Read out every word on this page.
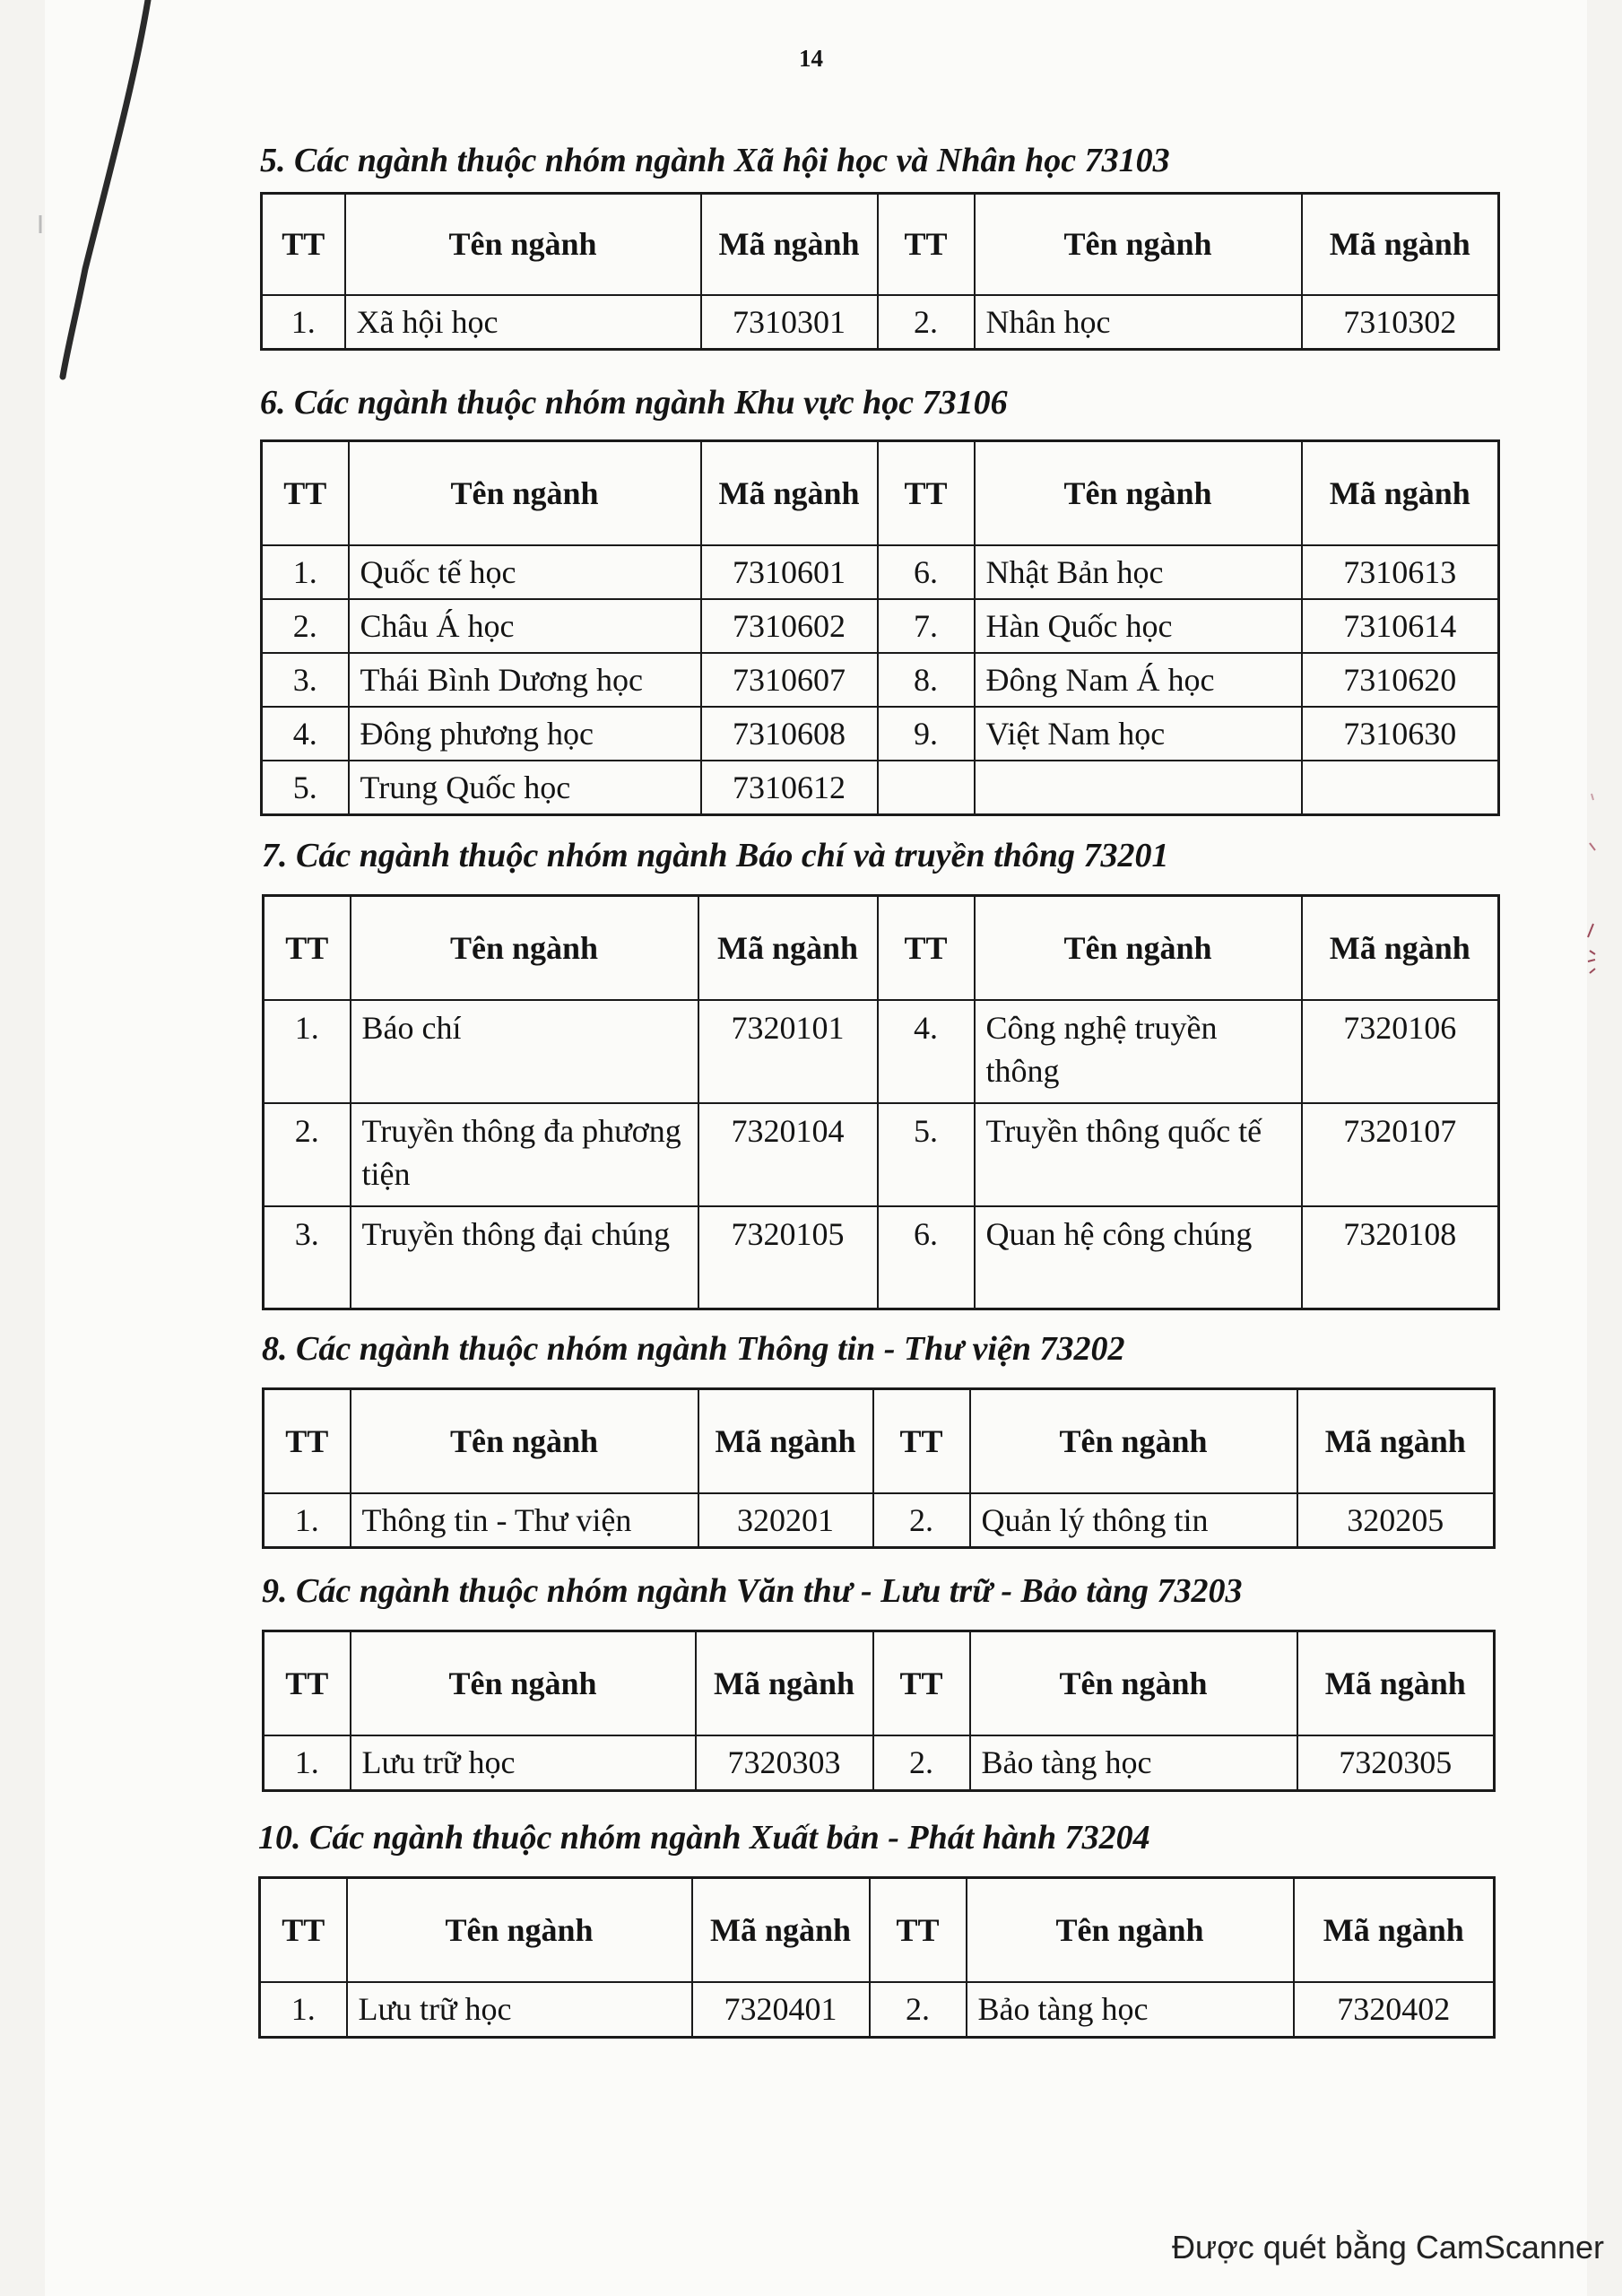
14
5. Các ngành thuộc nhóm ngành Xã hội học và Nhân học 73103
TT	Tên ngành	Mã ngành	TT	Tên ngành	Mã ngành
1.	Xã hội học	7310301	2.	Nhân học	7310302
6. Các ngành thuộc nhóm ngành Khu vực học 73106
TT	Tên ngành	Mã ngành	TT	Tên ngành	Mã ngành
1.	Quốc tế học	7310601	6.	Nhật Bản học	7310613
2.	Châu Á học	7310602	7.	Hàn Quốc học	7310614
3.	Thái Bình Dương học	7310607	8.	Đông Nam Á học	7310620
4.	Đông phương học	7310608	9.	Việt Nam học	7310630
5.	Trung Quốc học	7310612			
7. Các ngành thuộc nhóm ngành Báo chí và truyền thông 73201
TT	Tên ngành	Mã ngành	TT	Tên ngành	Mã ngành
1.	Báo chí	7320101	4.	Công nghệ truyền thông	7320106
2.	Truyền thông đa phương tiện	7320104	5.	Truyền thông quốc tế	7320107
3.	Truyền thông đại chúng	7320105	6.	Quan hệ công chúng	7320108
8. Các ngành thuộc nhóm ngành Thông tin - Thư viện 73202
TT	Tên ngành	Mã ngành	TT	Tên ngành	Mã ngành
1.	Thông tin - Thư viện	320201	2.	Quản lý thông tin	320205
9. Các ngành thuộc nhóm ngành Văn thư - Lưu trữ - Bảo tàng 73203
TT	Tên ngành	Mã ngành	TT	Tên ngành	Mã ngành
1.	Lưu trữ học	7320303	2.	Bảo tàng học	7320305
10. Các ngành thuộc nhóm ngành Xuất bản - Phát hành 73204
TT	Tên ngành	Mã ngành	TT	Tên ngành	Mã ngành
1.	Lưu trữ học	7320401	2.	Bảo tàng học	7320402
Được quét bằng CamScanner
